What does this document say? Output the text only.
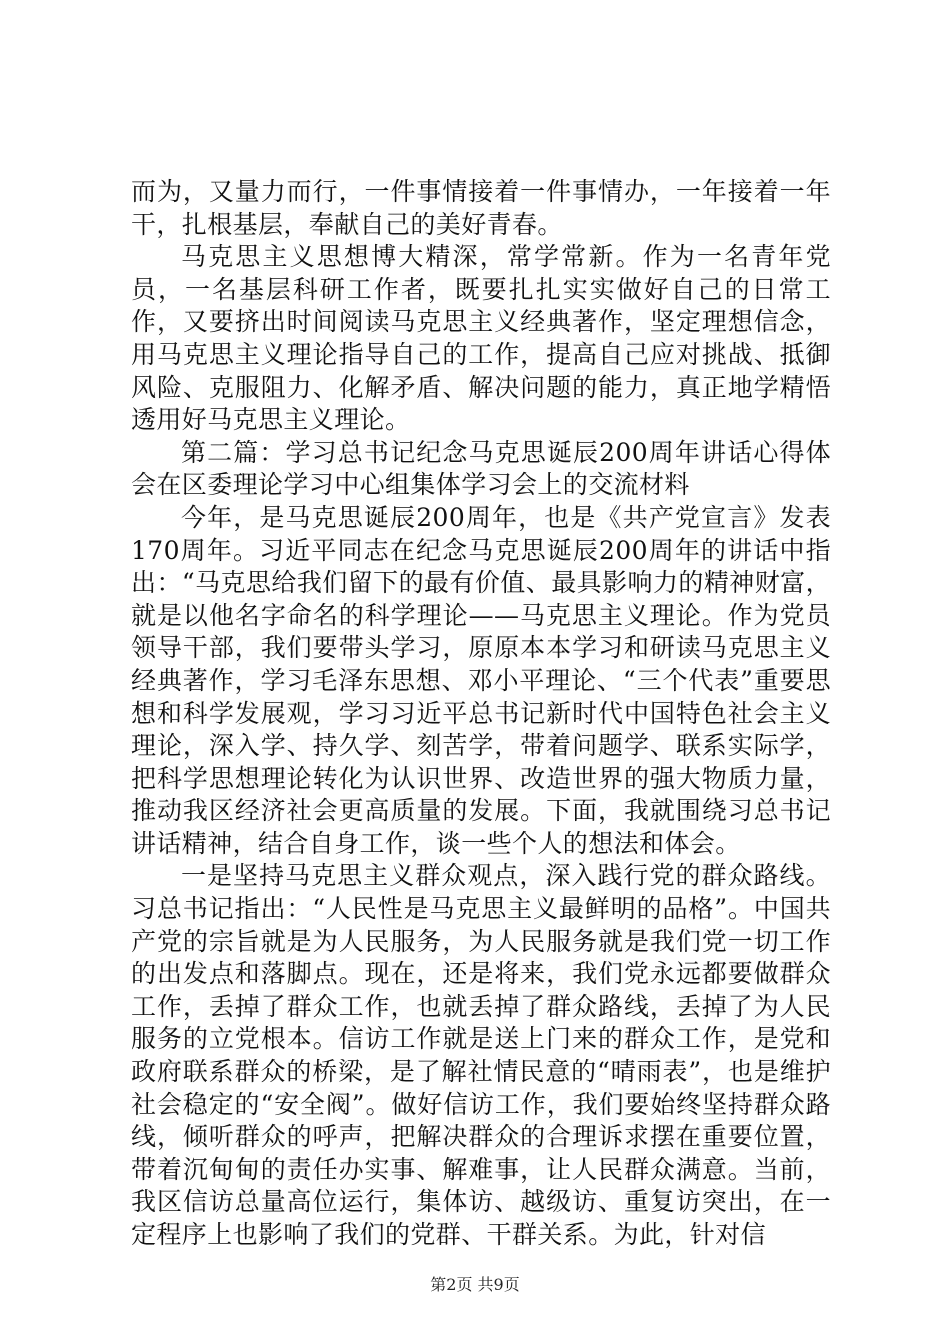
而为，又量力而行，一件事情接着一件事情办，一年接着一年干，扎根基层，奉献自己的美好青春。

马克思主义思想博大精深，常学常新。作为一名青年党员，一名基层科研工作者，既要扎扎实实做好自己的日常工作，又要挤出时间阅读马克思主义经典著作，坚定理想信念，用马克思主义理论指导自己的工作，提高自己应对挑战、抵御风险、克服阻力、化解矛盾、解决问题的能力，真正地学精悟透用好马克思主义理论。

第二篇：学习总书记纪念马克思诞辰200周年讲话心得体会在区委理论学习中心组集体学习会上的交流材料

今年，是马克思诞辰200周年，也是《共产党宣言》发表170周年。习近平同志在纪念马克思诞辰200周年的讲话中指出：“马克思给我们留下的最有价值、最具影响力的精神财富，就是以他名字命名的科学理论——马克思主义理论。作为党员领导干部，我们要带头学习，原原本本学习和研读马克思主义经典著作，学习毛泽东思想、邓小平理论、“三个代表”重要思想和科学发展观，学习习近平总书记新时代中国特色社会主义理论，深入学、持久学、刻苦学，带着问题学、联系实际学，把科学思想理论转化为认识世界、改造世界的强大物质力量，推动我区经济社会更高质量的发展。下面，我就围绕习总书记讲话精神，结合自身工作，谈一些个人的想法和体会。

一是坚持马克思主义群众观点，深入践行党的群众路线。习总书记指出：“人民性是马克思主义最鲜明的品格”。中国共产党的宗旨就是为人民服务，为人民服务就是我们党一切工作的出发点和落脚点。现在，还是将来，我们党永远都要做群众工作，丢掉了群众工作，也就丢掉了群众路线，丢掉了为人民服务的立党根本。信访工作就是送上门来的群众工作，是党和政府联系群众的桥梁，是了解社情民意的“晴雨表”，也是维护社会稳定的“安全阀”。做好信访工作，我们要始终坚持群众路线，倾听群众的呼声，把解决群众的合理诉求摆在重要位置，带着沉甸甸的责任办实事、解难事，让人民群众满意。当前，我区信访总量高位运行，集体访、越级访、重复访突出，在一定程序上也影响了我们的党群、干群关系。为此，针对信

第2页 共9页
